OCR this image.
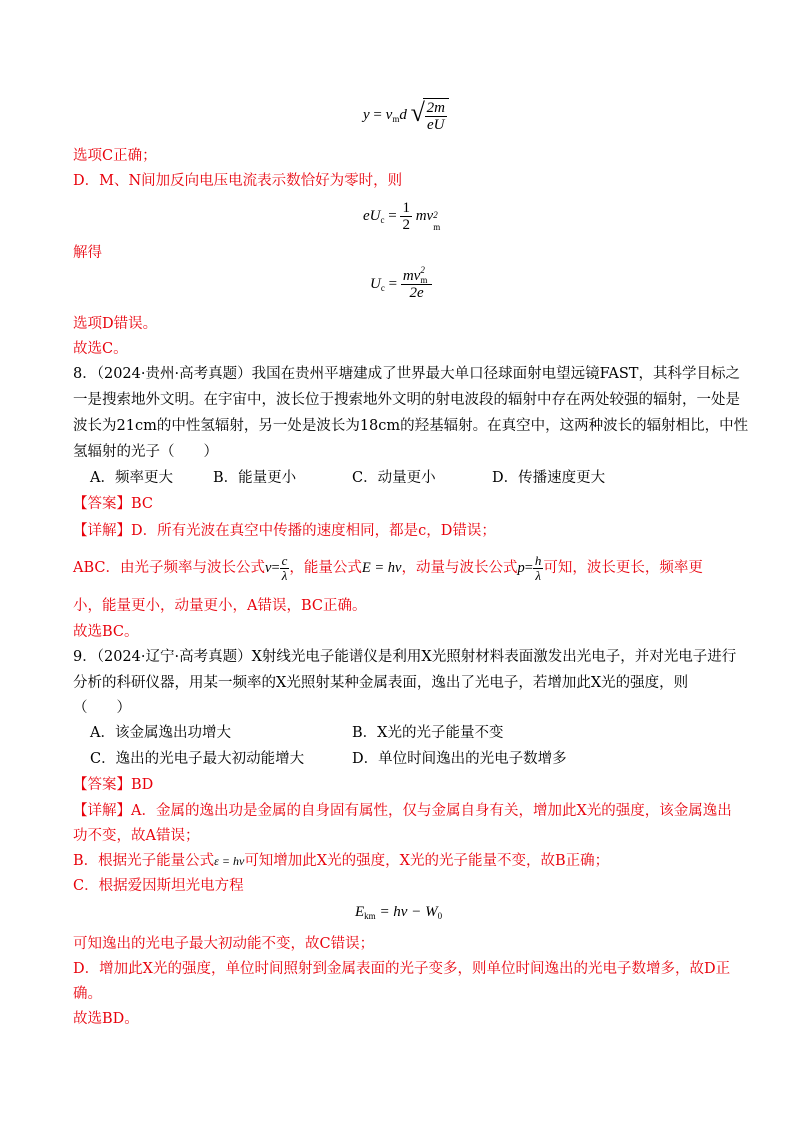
$y = v_md$ √
$\frac{2m}{eU}$
选项C正确；
D．M、N间加反向电压电流表示数恰好为零时，则
$eU_c = \frac{1}{2}$ mv 2
m
解得
$U_c$ = mv 2
m
2e
选项D错误。
故选C。
8．（2024·贵州·高考真题）我国在贵州平塘建成了世界最大单口径球面射电望远镜FAST，其科学目标之
一是搜索地外文明。在宇宙中，波长位于搜索地外文明的射电波段的辐射中存在两处较强的辐射，一处是
波长为21cm的中性氢辐射，另一处是波长为18cm的羟基辐射。在真空中，这两种波长的辐射相比，中性
氢辐射的光子（　　）
A．频率更大	B．能量更小	C．动量更小	D．传播速度更大
【答案】BC
【详解】D．所有光波在真空中传播的速度相同，都是c，D错误；
ABC．由光子频率与波长公式$\nu= \frac{c}{\lambda}$ ，能量公式E = hν，动量与波长公式$p= \frac{h}{\lambda}$ 可知，波长更长，频率更
小，能量更小，动量更小，A错误，BC正确。
故选BC。
9．（2024·辽宁·高考真题）X射线光电子能谱仪是利用X光照射材料表面激发出光电子，并对光电子进行
分析的科研仪器，用某一频率的X光照射某种金属表面，逸出了光电子，若增加此X光的强度，则
（　　）
A．该金属逸出功增大	B．X光的光子能量不变
C．逸出的光电子最大初动能增大	D．单位时间逸出的光电子数增多
【答案】BD
【详解】A．金属的逸出功是金属的自身固有属性，仅与金属自身有关，增加此X光的强度，该金属逸出
功不变，故A错误；
B．根据光子能量公式ε = hν可知增加此X光的强度，X光的光子能量不变，故B正确；
C．根据爱因斯坦光电方程
$E_{km} = h\nu - W_0$
可知逸出的光电子最大初动能不变，故C错误；
D．增加此X光的强度，单位时间照射到金属表面的光子变多，则单位时间逸出的光电子数增多，故D正
确。
故选BD。
